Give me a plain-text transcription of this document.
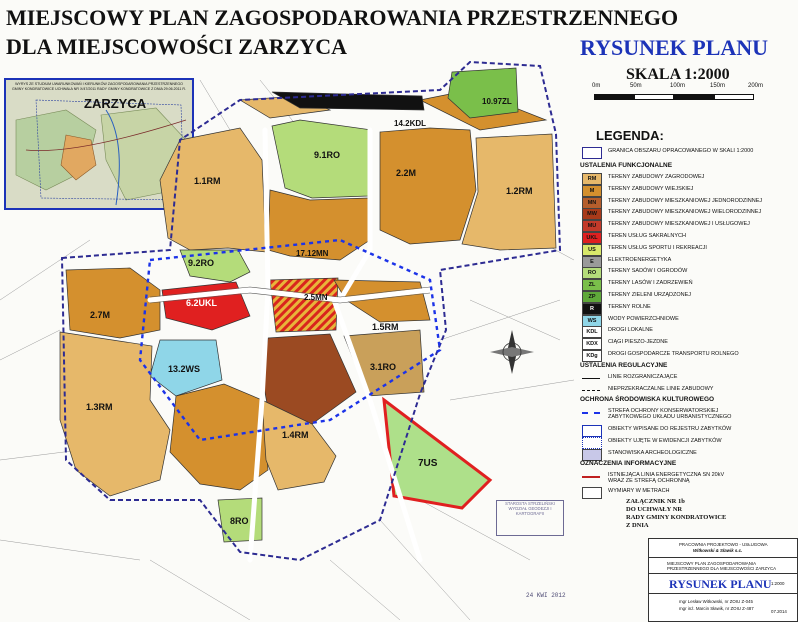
MIEJSCOWY PLAN ZAGOSPODAROWANIA PRZESTRZENNEGO
DLA MIEJSCOWOŚCI ZARZYCA	RYSUNEK PLANU
SKALA 1:2000
0m	50m	100m	150m	200m
WYRYS ZE STUDIUM UWARUNKOWAŃ I KIERUNKÓW ZAGOSPODAROWANIA PRZESTRZENNEGO GMINY KONDRATOWICE UCHWAŁA NR X/47/2011 RADY GMINY KONDRATOWICE Z DNIA 29.06.2011 R.
ZARZYCA	10.97ZL
14.2KDL
9.1RO
1.1RM
2.2M
1.2RM
9.2RO
6.2UKL
17.12MN
2.5MN
2.7M
13.2WS
1.3RM
1.4RM
3.1RO
1.5RM
7US
8RO
LEGENDA:
GRANICA OBSZARU OPRACOWANEGO W SKALI 1:2000
USTALENIA FUNKCJONALNE
USTALENIA REGULACYJNE
LINIE ROZGRANICZAJĄCE
NIEPRZEKRACZALNE LINIE ZABUDOWY
OCHRONA ŚRODOWISKA KULTUROWEGO
STREFA OCHRONY KONSERWATORSKIEJ ZABYTKOWEGO UKŁADU URBANISTYCZNEGO
OBIEKTY WPISANE DO REJESTRU ZABYTKÓW
OBIEKTY UJĘTE W EWIDENCJI ZABYTKÓW
STANOWISKA ARCHEOLOGICZNE
OZNACZENIA INFORMACYJNE
ISTNIEJĄCA LINIA ENERGETYCZNA SN 20kV WRAZ ZE STREFĄ OCHRONNĄ
WYMIARY W METRACH
RM	TERENY ZABUDOWY ZAGRODOWEJ
M	TERENY ZABUDOWY WIEJSKIEJ
MN	TERENY ZABUDOWY MIESZKANIOWEJ JEDNORODZINNEJ
MW	TERENY ZABUDOWY MIESZKANIOWEJ WIELORODZINNEJ
MU	TERENY ZABUDOWY MIESZKANIOWEJ I USŁUGOWEJ
UKL	TEREN USŁUG SAKRALNYCH
US	TEREN USŁUG SPORTU I REKREACJI
E	ELEKTROENERGETYKA
RO	TERENY SADÓW I OGRODÓW
ZL	TERENY LASÓW I ZADRZEWIEŃ
ZP	TERENY ZIELENI URZĄDZONEJ
R	TERENY ROLNE
WS	WODY POWIERZCHNIOWE
KDL	DROGI LOKALNE
KDX	CIĄGI PIESZO-JEZDNE
KDg	DROGI GOSPODARCZE TRANSPORTU ROLNEGO
ZAŁĄCZNIK NR 1b
DO UCHWAŁY NR
RADY GMINY KONDRATOWICE
Z DNIA
STAROSTA STRZELIŃSKI WYDZIAŁ GEODEZJI I KARTOGRAFII
24 KWI 2012
PRACOWNIA PROJEKTOWO - USŁUGOWA
Witkowski & Sławik s.c.
MIEJSCOWY PLAN ZAGOSPODAROWANIA PRZESTRZENNEGO DLA MIEJSCOWOŚCI ZARZYCA
RYSUNEK PLANU 1:2000
mgr Lesław Witkowski, nr ZOIU Z-045
mgr inż. Marcin Sławik, nr ZOIU Z-487
07.2014
